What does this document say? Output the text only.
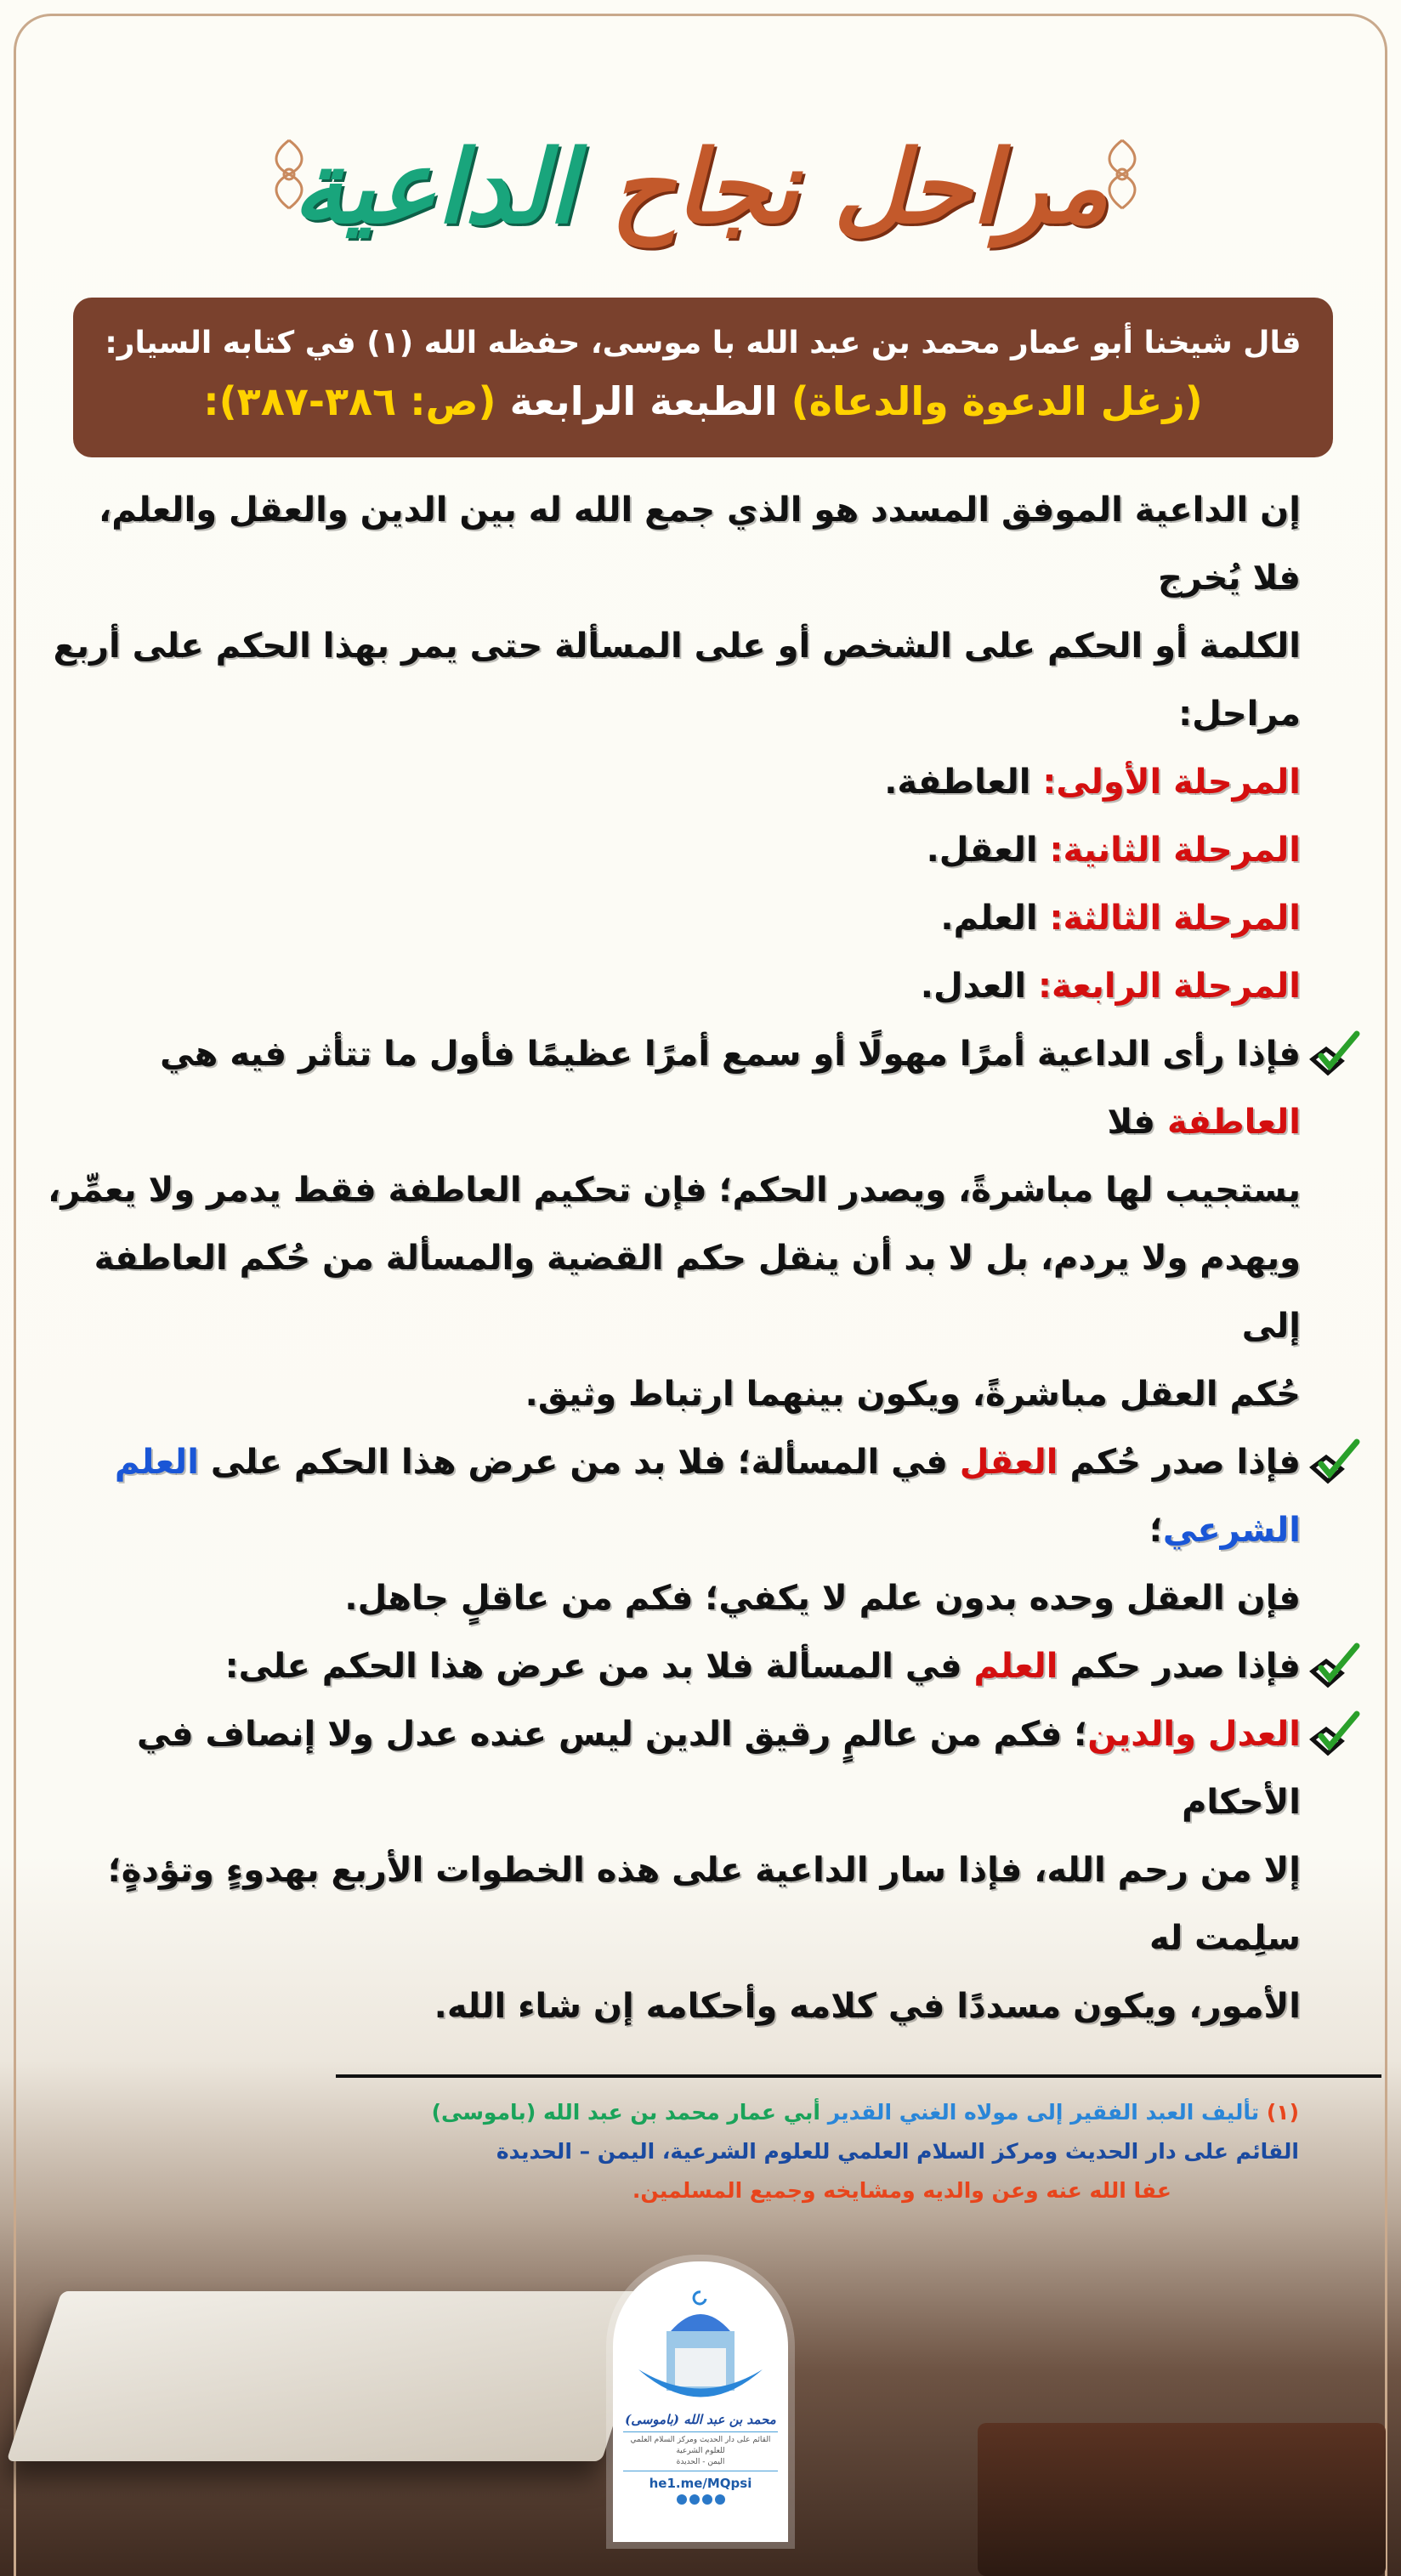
مراحل نجاح الداعية
قال شيخنا أبو عمار محمد بن عبد الله با موسى، حفظه الله (١) في كتابه السيار:
(زغل الدعوة والدعاة) الطبعة الرابعة (ص: ٣٨٦-٣٨٧):
إن الداعية الموفق المسدد هو الذي جمع الله له بين الدين والعقل والعلم، فلا يُخرج
الكلمة أو الحكم على الشخص أو على المسألة حتى يمر بهذا الحكم على أربع مراحل:
المرحلة الأولى: العاطفة.
المرحلة الثانية: العقل.
المرحلة الثالثة: العلم.
المرحلة الرابعة: العدل.
فإذا رأى الداعية أمرًا مهولًا أو سمع أمرًا عظيمًا فأول ما تتأثر فيه هي العاطفة فلا
يستجيب لها مباشرةً، ويصدر الحكم؛ فإن تحكيم العاطفة فقط يدمر ولا يعمِّر،
ويهدم ولا يردم، بل لا بد أن ينقل حكم القضية والمسألة من حُكم العاطفة إلى
حُكم العقل مباشرةً، ويكون بينهما ارتباط وثيق.
فإذا صدر حُكم العقل في المسألة؛ فلا بد من عرض هذا الحكم على العلم الشرعي؛
فإن العقل وحده بدون علم لا يكفي؛ فكم من عاقلٍ جاهل.
فإذا صدر حكم العلم في المسألة فلا بد من عرض هذا الحكم على:
العدل والدين؛ فكم من عالمٍ رقيق الدين ليس عنده عدل ولا إنصاف في الأحكام
إلا من رحم الله، فإذا سار الداعية على هذه الخطوات الأربع بهدوءٍ وتؤدةٍ؛ سلِمت له
الأمور، ويكون مسددًا في كلامه وأحكامه إن شاء الله.
(١) تأليف العبد الفقير إلى مولاه الغني القدير أبي عمار محمد بن عبد الله (باموسى)
القائم على دار الحديث ومركز السلام العلمي للعلوم الشرعية، اليمن – الحديدة
عفا الله عنه وعن والديه ومشايخه وجميع المسلمين.
محمد بن عبد الله (باموسى)
القائم على دار الحديث ومركز السلام العلمي للعلوم الشرعية
اليمن - الحديدة
he1.me/MQpsi
